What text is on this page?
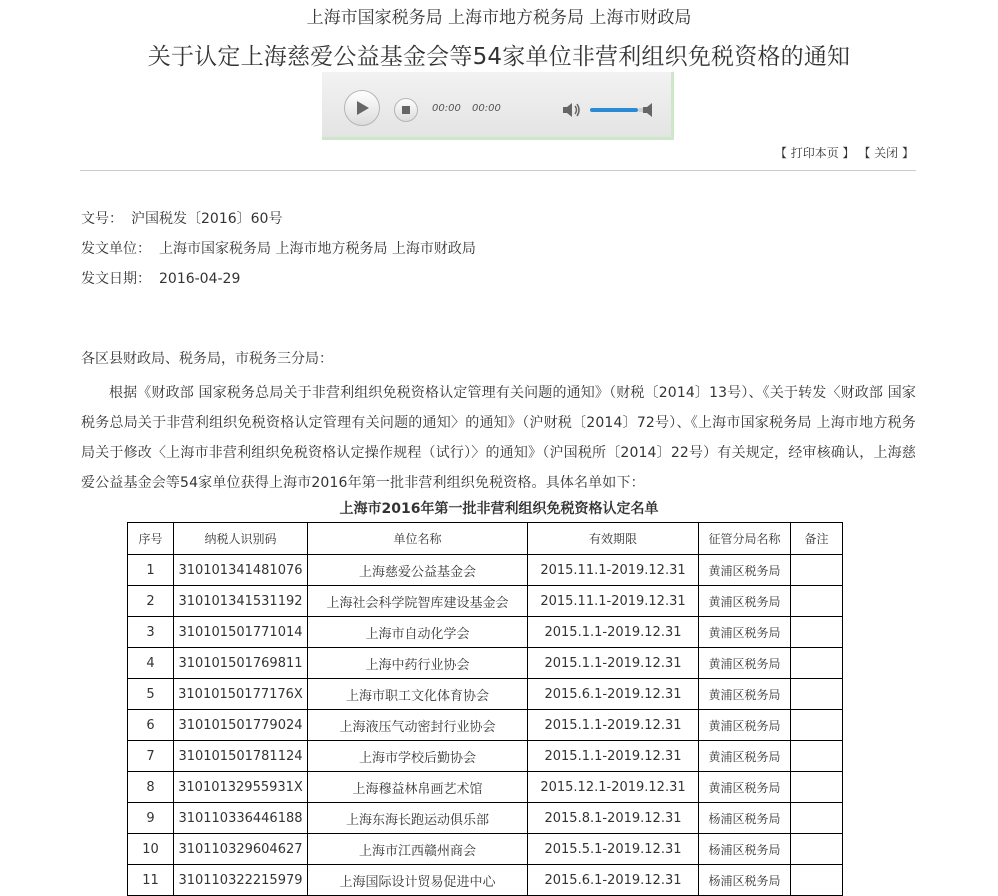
上海市国家税务局 上海市地方税务局 上海市财政局
关于认定上海慈爱公益基金会等54家单位非营利组织免税资格的通知
00:00 00:00
【 打印本页 】 【 关闭 】
文号： 沪国税发〔2016〕60号
发文单位： 上海市国家税务局 上海市地方税务局 上海市财政局
发文日期： 2016-04-29
各区县财政局、税务局，市税务三分局：
根据《财政部 国家税务总局关于非营利组织免税资格认定管理有关问题的通知》（财税〔2014〕13号）、《关于转发〈财政部 国家税务总局关于非营利组织免税资格认定管理有关问题的通知〉的通知》（沪财税〔2014〕72号）、《上海市国家税务局 上海市地方税务局关于修改〈上海市非营利组织免税资格认定操作规程（试行）〉的通知》（沪国税所〔2014〕22号）有关规定，经审核确认，上海慈爱公益基金会等54家单位获得上海市2016年第一批非营利组织免税资格。具体名单如下：
上海市2016年第一批非营利组织免税资格认定名单
序号	纳税人识别码	单位名称	有效期限	征管分局名称	备注
1	310101341481076	上海慈爱公益基金会	2015.11.1-2019.12.31	黄浦区税务局	
2	310101341531192	上海社会科学院智库建设基金会	2015.11.1-2019.12.31	黄浦区税务局	
3	310101501771014	上海市自动化学会	2015.1.1-2019.12.31	黄浦区税务局	
4	310101501769811	上海中药行业协会	2015.1.1-2019.12.31	黄浦区税务局	
5	31010150177176X	上海市职工文化体育协会	2015.6.1-2019.12.31	黄浦区税务局	
6	310101501779024	上海液压气动密封行业协会	2015.1.1-2019.12.31	黄浦区税务局	
7	310101501781124	上海市学校后勤协会	2015.1.1-2019.12.31	黄浦区税务局	
8	31010132955931X	上海穆益林帛画艺术馆	2015.12.1-2019.12.31	黄浦区税务局	
9	310110336446188	上海东海长跑运动俱乐部	2015.8.1-2019.12.31	杨浦区税务局	
10	310110329604627	上海市江西赣州商会	2015.5.1-2019.12.31	杨浦区税务局	
11	310110322215979	上海国际设计贸易促进中心	2015.6.1-2019.12.31	杨浦区税务局	
